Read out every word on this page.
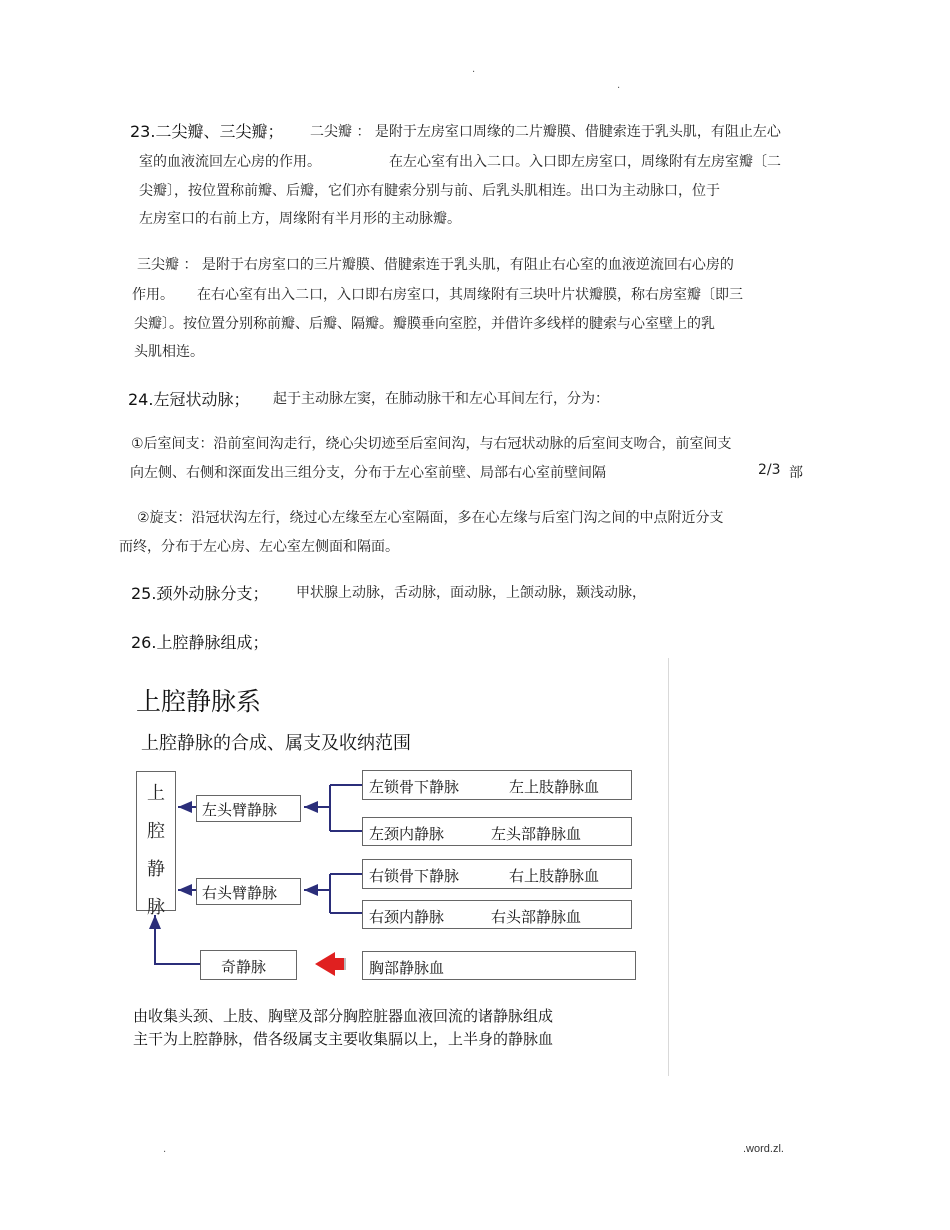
.
.
23.二尖瓣、三尖瓣； 二尖瓣 ： 是附于左房室口周缘的二片瓣膜、借腱索连于乳头肌，有阻止左心
室的血液流回左心房的作用。	在左心室有出入二口。入口即左房室口，周缘附有左房室瓣〔二
尖瓣〕，按位置称前瓣、后瓣，它们亦有腱索分别与前、后乳头肌相连。出口为主动脉口，位于
左房室口的右前上方，周缘附有半月形的主动脉瓣。
三尖瓣 ： 是附于右房室口的三片瓣膜、借腱索连于乳头肌，有阻止右心室的血液逆流回右心房的
作用。 在右心室有出入二口，入口即右房室口，其周缘附有三块叶片状瓣膜，称右房室瓣〔即三
尖瓣〕。按位置分别称前瓣、后瓣、隔瓣。瓣膜垂向室腔，并借许多线样的腱索与心室壁上的乳
头肌相连。
24.左冠状动脉； 起于主动脉左窦，在肺动脉干和左心耳间左行，分为：
①后室间支：沿前室间沟走行，绕心尖切迹至后室间沟，与右冠状动脉的后室间支吻合，前室间支
向左侧、右侧和深面发出三组分支，分布于左心室前壁、局部右心室前壁间隔	2/3 部
②旋支：沿冠状沟左行，绕过心左缘至左心室隔面，多在心左缘与后室门沟之间的中点附近分支
而终，分布于左心房、左心室左侧面和隔面。
25.颈外动脉分支； 甲状腺上动脉，舌动脉，面动脉，上颌动脉，颞浅动脉，
26.上腔静脉组成；
上腔静脉系
上腔静脉的合成、属支及收纳范围
上
腔
静
脉
左头臂静脉
右头臂静脉
左锁骨下静脉	左上肢静脉血
左颈内静脉	左头部静脉血
右锁骨下静脉	右上肢静脉血
右颈内静脉	右头部静脉血
奇静脉	胸部静脉血
由收集头颈、上肢、胸壁及部分胸腔脏器血液回流的诸静脉组成
主干为上腔静脉，借各级属支主要收集膈以上，上半身的静脉血
.	.word.zl.
